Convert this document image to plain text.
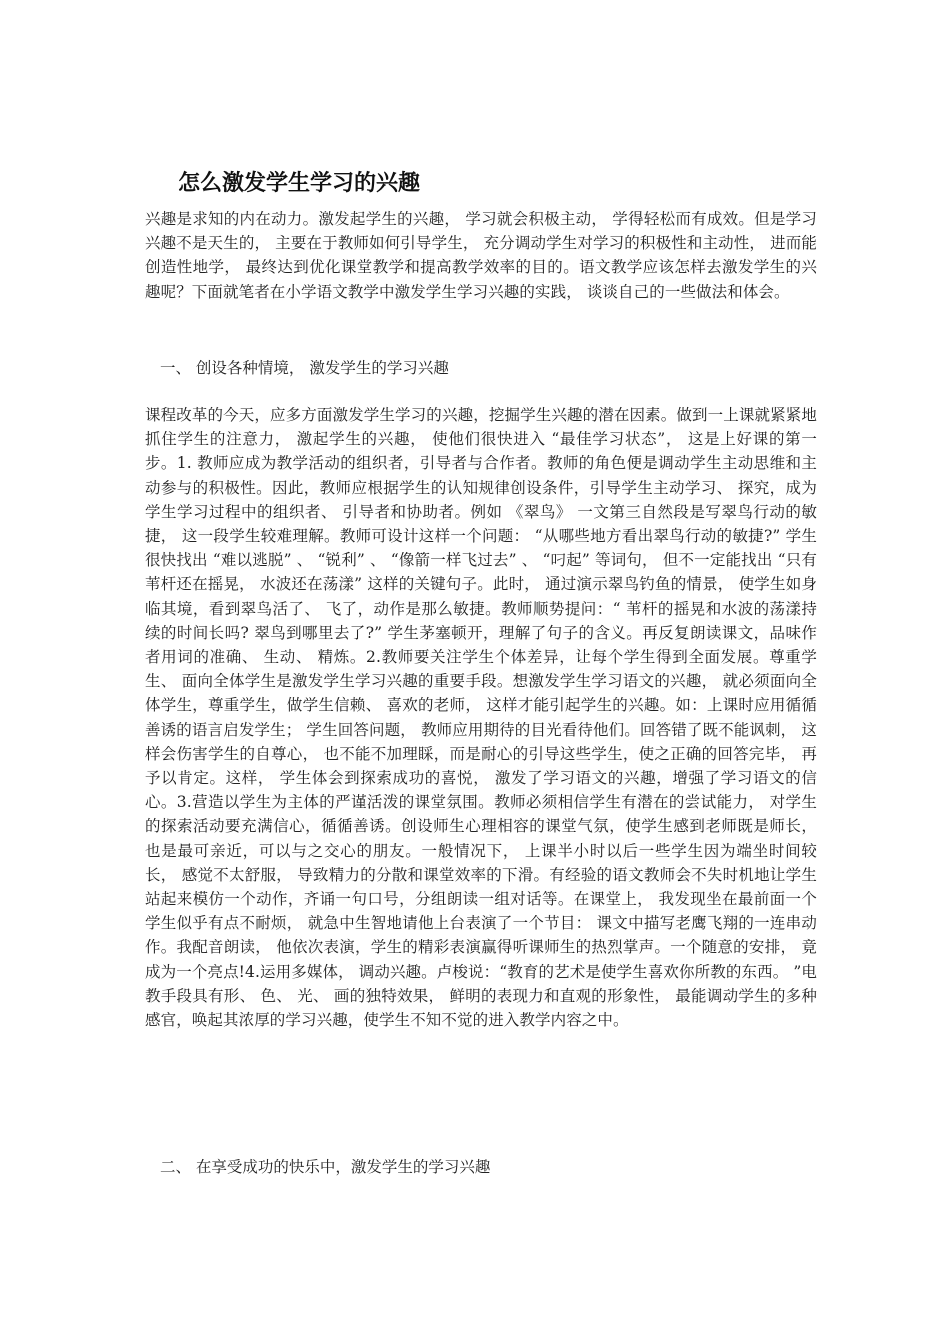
怎么激发学生学习的兴趣

兴趣是求知的内在动力。激发起学生的兴趣， 学习就会积极主动， 学得轻松而有成效。但是学习兴趣不是天生的， 主要在于教师如何引导学生， 充分调动学生对学习的积极性和主动性， 进而能创造性地学， 最终达到优化课堂教学和提高教学效率的目的。语文教学应该怎样去激发学生的兴趣呢？下面就笔者在小学语文教学中激发学生学习兴趣的实践， 谈谈自己的一些做法和体会。

一、 创设各种情境， 激发学生的学习兴趣

课程改革的今天，应多方面激发学生学习的兴趣，挖掘学生兴趣的潜在因素。做到一上课就紧紧地抓住学生的注意力， 激起学生的兴趣， 使他们很快进入 “最佳学习状态”， 这是上好课的第一步。1. 教师应成为教学活动的组织者，引导者与合作者。教师的角色便是调动学生主动思维和主动参与的积极性。因此，教师应根据学生的认知规律创设条件，引导学生主动学习、 探究，成为学生学习过程中的组织者、 引导者和协助者。例如 《翠鸟》 一文第三自然段是写翠鸟行动的敏捷， 这一段学生较难理解。教师可设计这样一个问题： “从哪些地方看出翠鸟行动的敏捷?” 学生很快找出 “难以逃脱” 、 “锐利” 、 “像箭一样飞过去” 、 “叼起” 等词句， 但不一定能找出 “只有苇杆还在摇晃， 水波还在荡漾” 这样的关键句子。此时， 通过演示翠鸟钓鱼的情景， 使学生如身临其境，看到翠鸟活了、 飞了，动作是那么敏捷。教师顺势提问：“ 苇杆的摇晃和水波的荡漾持续的时间长吗? 翠鸟到哪里去了?” 学生茅塞顿开，理解了句子的含义。再反复朗读课文，品味作者用词的准确、 生动、 精炼。2.教师要关注学生个体差异，让每个学生得到全面发展。尊重学生、 面向全体学生是激发学生学习兴趣的重要手段。想激发学生学习语文的兴趣， 就必须面向全体学生，尊重学生，做学生信赖、 喜欢的老师， 这样才能引起学生的兴趣。如：上课时应用循循善诱的语言启发学生； 学生回答问题， 教师应用期待的目光看待他们。回答错了既不能讽刺， 这样会伤害学生的自尊心， 也不能不加理睬，而是耐心的引导这些学生，使之正确的回答完毕， 再予以肯定。这样， 学生体会到探索成功的喜悦， 激发了学习语文的兴趣，增强了学习语文的信心。3.营造以学生为主体的严谨活泼的课堂氛围。教师必须相信学生有潜在的尝试能力， 对学生的探索活动要充满信心，循循善诱。创设师生心理相容的课堂气氛，使学生感到老师既是师长， 也是最可亲近，可以与之交心的朋友。一般情况下， 上课半小时以后一些学生因为端坐时间较长， 感觉不太舒服， 导致精力的分散和课堂效率的下滑。有经验的语文教师会不失时机地让学生站起来模仿一个动作，齐诵一句口号，分组朗读一组对话等。在课堂上， 我发现坐在最前面一个学生似乎有点不耐烦， 就急中生智地请他上台表演了一个节目： 课文中描写老鹰飞翔的一连串动作。我配音朗读， 他依次表演，学生的精彩表演赢得听课师生的热烈掌声。一个随意的安排， 竟成为一个亮点!4.运用多媒体， 调动兴趣。卢梭说：“教育的艺术是使学生喜欢你所教的东西。 ”电教手段具有形、 色、 光、 画的独特效果， 鲜明的表现力和直观的形象性， 最能调动学生的多种感官，唤起其浓厚的学习兴趣，使学生不知不觉的进入教学内容之中。

二、 在享受成功的快乐中，激发学生的学习兴趣
